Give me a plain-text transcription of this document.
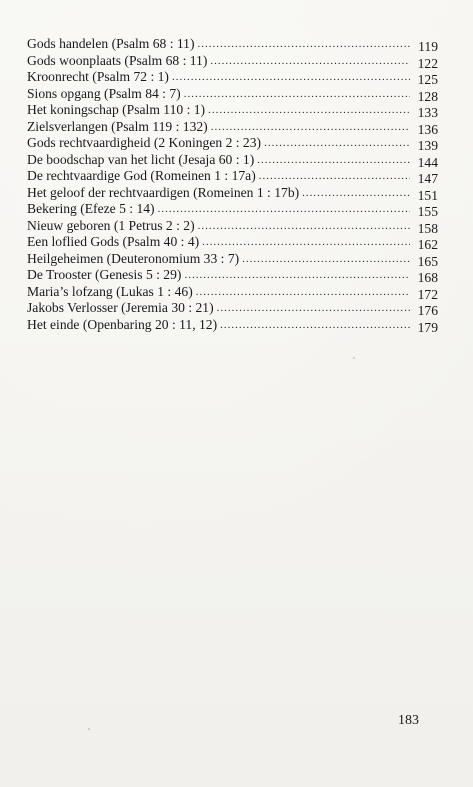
Gods handelen (Psalm 68 : 11) .....	119
Gods woonplaats (Psalm 68 : 11) .....	122
Kroonrecht (Psalm 72 : 1) .....	125
Sions opgang (Psalm 84 : 7) .....	128
Het koningschap (Psalm 110 : 1) .....	133
Zielsverlangen (Psalm 119 : 132) .....	136
Gods rechtvaardigheid (2 Koningen 2 : 23) .....	139
De boodschap van het licht (Jesaja 60 : 1) .....	144
De rechtvaardige God (Romeinen 1 : 17a) .....	147
Het geloof der rechtvaardigen (Romeinen 1 : 17b) .....	151
Bekering (Efeze 5 : 14) .....	155
Nieuw geboren (1 Petrus 2 : 2) .....	158
Een loflied Gods (Psalm 40 : 4) .....	162
Heilgeheimen (Deuteronomium 33 : 7) .....	165
De Trooster (Genesis 5 : 29) .....	168
Maria’s lofzang (Lukas 1 : 46) .....	172
Jakobs Verlosser (Jeremia 30 : 21) .....	176
Het einde (Openbaring 20 : 11, 12) .....	179
183
